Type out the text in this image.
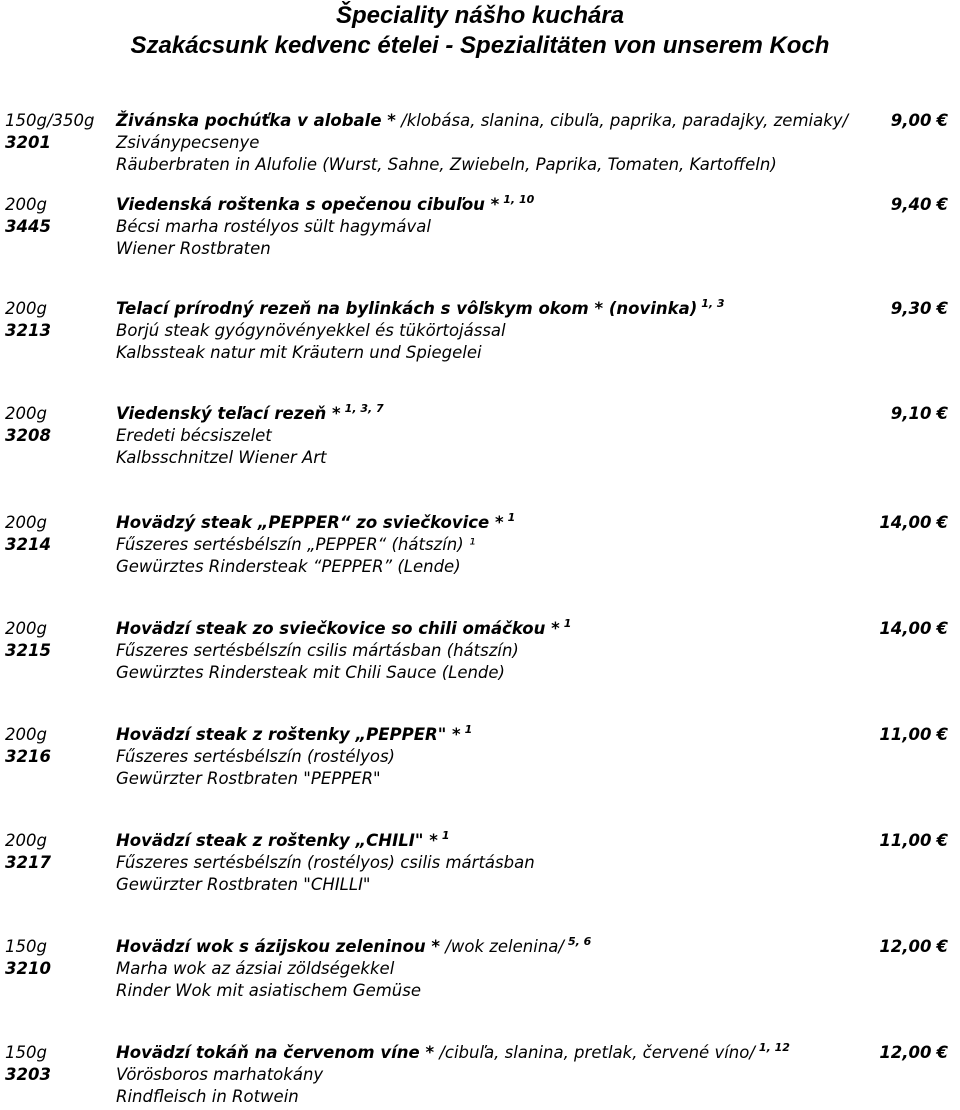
Špeciality nášho kuchára
Szakácsunk kedvenc ételei - Spezialitäten von unserem Koch
150g/350g Živánska pochúťka v alobale * /klobása, slanina, cibuľa, paprika, paradajky, zemiaky/	9,00 €
3201	Zsiványpecsenye
Räuberbraten in Alufolie (Wurst, Sahne, Zwiebeln, Paprika, Tomaten, Kartoffeln)
200g	Viedenská roštenka s opečenou cibuľou * $^{1, 10}$	9,40 €
3445	Bécsi marha rostélyos sült hagymával
Wiener Rostbraten
200g	Telací prírodný rezeň na bylinkách s vôľskym okom * (novinka) $^{1, 3}$	9,30 €
3213	Borjú steak gyógynövényekkel és tükörtojással
Kalbssteak natur mit Kräutern und Spiegelei
200g	Viedenský teľací rezeň * $^{1, 3, 7}$	9,10 €
3208	Eredeti bécsiszelet
Kalbsschnitzel Wiener Art
200g	Hovädzý steak „PEPPER“ zo sviečkovice * $^1$	14,00 €
3214	Fűszeres sertésbélszín „PEPPER“ (hátszín) ¹
Gewürztes Rindersteak “PEPPER” (Lende)
200g	Hovädzí steak zo sviečkovice so chili omáčkou * $^1$	14,00 €
3215	Fűszeres sertésbélszín csilis mártásban (hátszín)
Gewürztes Rindersteak mit Chili Sauce (Lende)
200g	Hovädzí steak z roštenky „PEPPER" * $^1$	11,00 €
3216	Fűszeres sertésbélszín (rostélyos)
Gewürzter Rostbraten "PEPPER"
200g	Hovädzí steak z roštenky „CHILI" * $^1$	11,00 €
3217	Fűszeres sertésbélszín (rostélyos) csilis mártásban
Gewürzter Rostbraten "CHILLI"
150g	Hovädzí wok s ázijskou zeleninou * /wok zelenina/ $^{5, 6}$	12,00 €
3210	Marha wok az ázsiai zöldségekkel
Rinder Wok mit asiatischem Gemüse
150g	Hovädzí tokáň na červenom víne * /cibuľa, slanina, pretlak, červené víno/ $^{1, 12}$	12,00 €
3203	Vörösboros marhatokány
Rindfleisch in Rotwein
